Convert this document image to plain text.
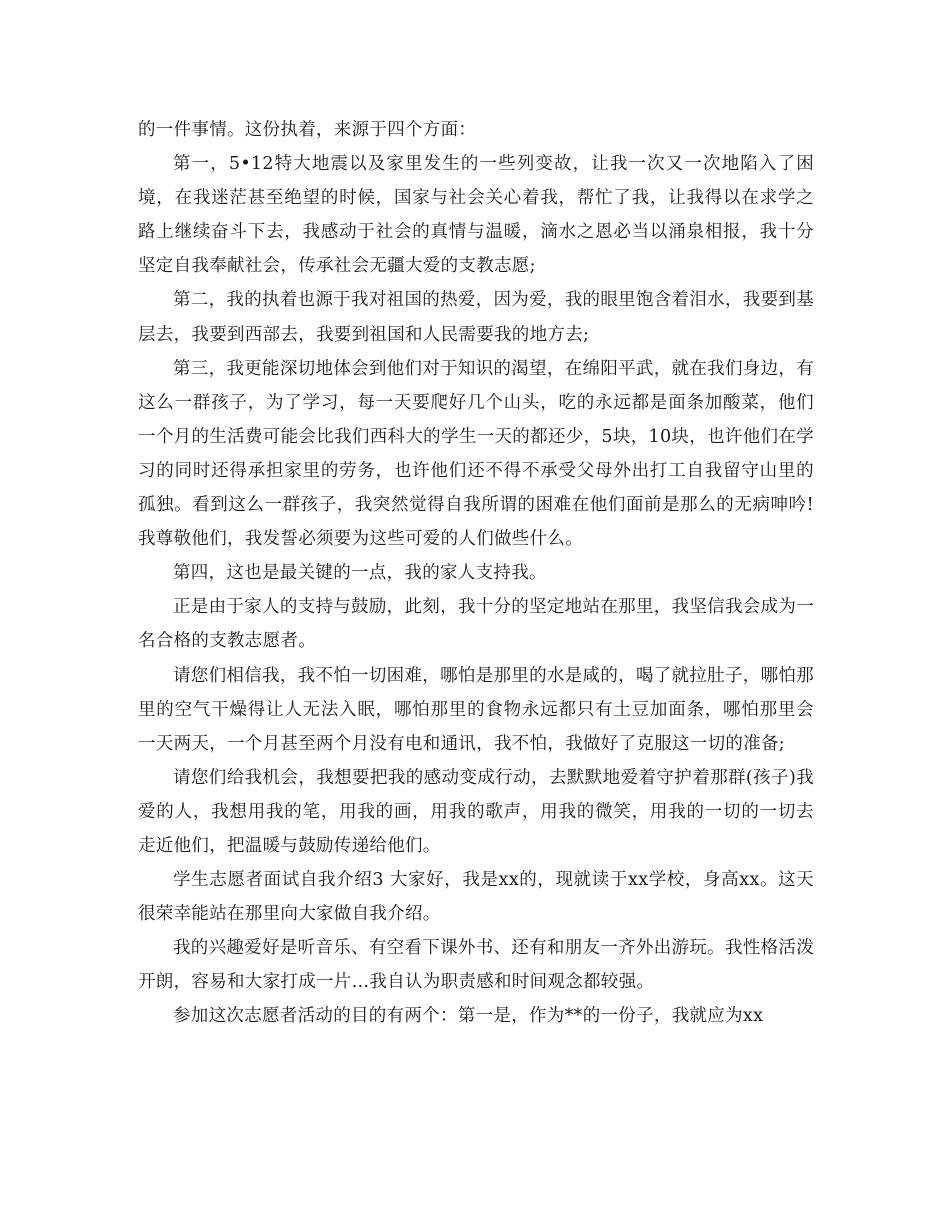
的一件事情。这份执着，来源于四个方面：

第一，5•12特大地震以及家里发生的一些列变故，让我一次又一次地陷入了困境，在我迷茫甚至绝望的时候，国家与社会关心着我，帮忙了我，让我得以在求学之路上继续奋斗下去，我感动于社会的真情与温暖，滴水之恩必当以涌泉相报，我十分坚定自我奉献社会，传承社会无疆大爱的支教志愿;

第二，我的执着也源于我对祖国的热爱，因为爱，我的眼里饱含着泪水，我要到基层去，我要到西部去，我要到祖国和人民需要我的地方去;

第三，我更能深切地体会到他们对于知识的渴望，在绵阳平武，就在我们身边，有这么一群孩子，为了学习，每一天要爬好几个山头，吃的永远都是面条加酸菜，他们一个月的生活费可能会比我们西科大的学生一天的都还少，5块，10块，也许他们在学习的同时还得承担家里的劳务，也许他们还不得不承受父母外出打工自我留守山里的孤独。看到这么一群孩子，我突然觉得自我所谓的困难在他们面前是那么的无病呻吟!我尊敬他们，我发誓必须要为这些可爱的人们做些什么。

第四，这也是最关键的一点，我的家人支持我。

正是由于家人的支持与鼓励，此刻，我十分的坚定地站在那里，我坚信我会成为一名合格的支教志愿者。

请您们相信我，我不怕一切困难，哪怕是那里的水是咸的，喝了就拉肚子，哪怕那里的空气干燥得让人无法入眠，哪怕那里的食物永远都只有土豆加面条，哪怕那里会一天两天，一个月甚至两个月没有电和通讯，我不怕，我做好了克服这一切的准备;

请您们给我机会，我想要把我的感动变成行动，去默默地爱着守护着那群(孩子)我爱的人，我想用我的笔，用我的画，用我的歌声，用我的微笑，用我的一切的一切去走近他们，把温暖与鼓励传递给他们。

学生志愿者面试自我介绍3 大家好，我是xx的，现就读于xx学校，身高xx。这天很荣幸能站在那里向大家做自我介绍。

我的兴趣爱好是听音乐、有空看下课外书、还有和朋友一齐外出游玩。我性格活泼开朗，容易和大家打成一片…我自认为职责感和时间观念都较强。

参加这次志愿者活动的目的有两个：第一是，作为**的一份子，我就应为xx
